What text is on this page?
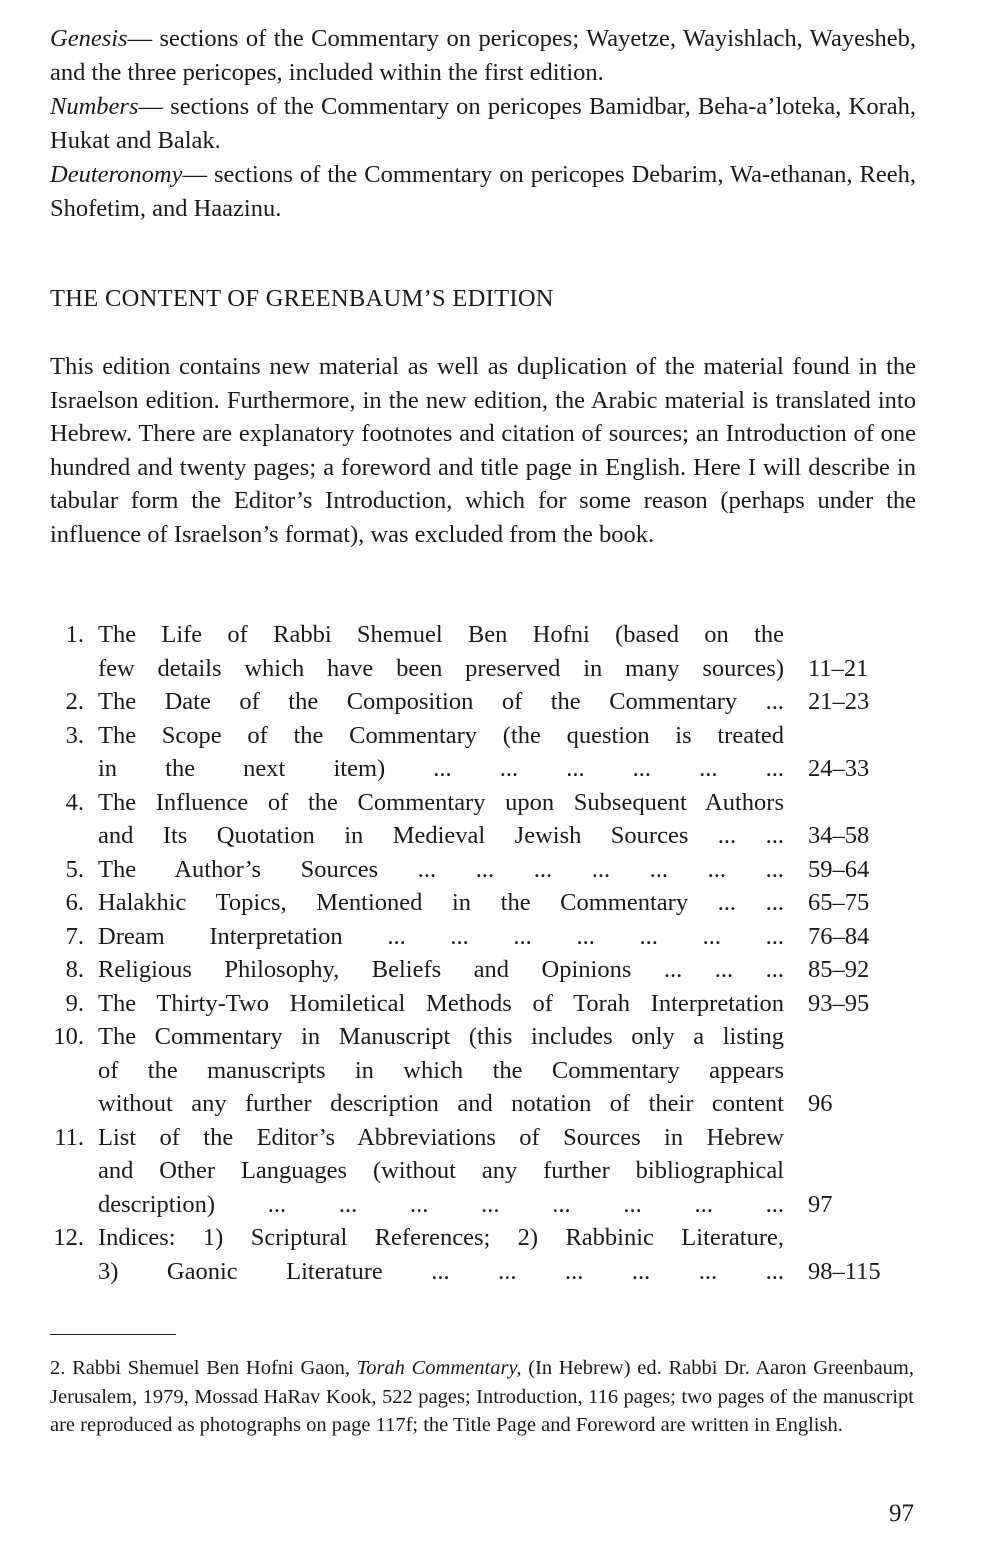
Genesis— sections of the Commentary on pericopes; Wayetze, Wayishlach, Wayesheb, and the three pericopes, included within the first edition.

Numbers— sections of the Commentary on pericopes Bamidbar, Beha-a’loteka, Korah, Hukat and Balak.

Deuteronomy— sections of the Commentary on pericopes Debarim, Wa-ethanan, Reeh, Shofetim, and Haazinu.

THE CONTENT OF GREENBAUM’S EDITION

This edition contains new material as well as duplication of the material found in the Israelson edition. Furthermore, in the new edition, the Arabic material is translated into Hebrew. There are explanatory footnotes and citation of sources; an Introduction of one hundred and twenty pages; a foreword and title page in English. Here I will describe in tabular form the Editor’s Introduction, which for some reason (perhaps under the influence of Israelson’s format), was excluded from the book.

1. The Life of Rabbi Shemuel Ben Hofni (based on the
few details which have been preserved in many sources) 11–21
2. The Date of the Composition of the Commentary ... 21–23
3. The Scope of the Commentary (the question is treated
in the next item) ... ... ... ... ... ... 24–33
4. The Influence of the Commentary upon Subsequent Authors
and Its Quotation in Medieval Jewish Sources ... ... 34–58
5. The Author’s Sources ... ... ... ... ... ... ... 59–64
6. Halakhic Topics, Mentioned in the Commentary ... ... 65–75
7. Dream Interpretation ... ... ... ... ... ... ... 76–84
8. Religious Philosophy, Beliefs and Opinions ... ... ... 85–92
9. The Thirty-Two Homiletical Methods of Torah Interpretation 93–95
10. The Commentary in Manuscript (this includes only a listing
of the manuscripts in which the Commentary appears
without any further description and notation of their content 96
11. List of the Editor’s Abbreviations of Sources in Hebrew
and Other Languages (without any further bibliographical
description) ... ... ... ... ... ... ... ... 97
12. Indices: 1) Scriptural References; 2) Rabbinic Literature,
3) Gaonic Literature ... ... ... ... ... ... 98–115

2. Rabbi Shemuel Ben Hofni Gaon, Torah Commentary, (In Hebrew) ed. Rabbi Dr. Aaron Greenbaum, Jerusalem, 1979, Mossad HaRav Kook, 522 pages; Introduction, 116 pages; two pages of the manuscript are reproduced as photographs on page 117f; the Title Page and Foreword are written in English.

97
